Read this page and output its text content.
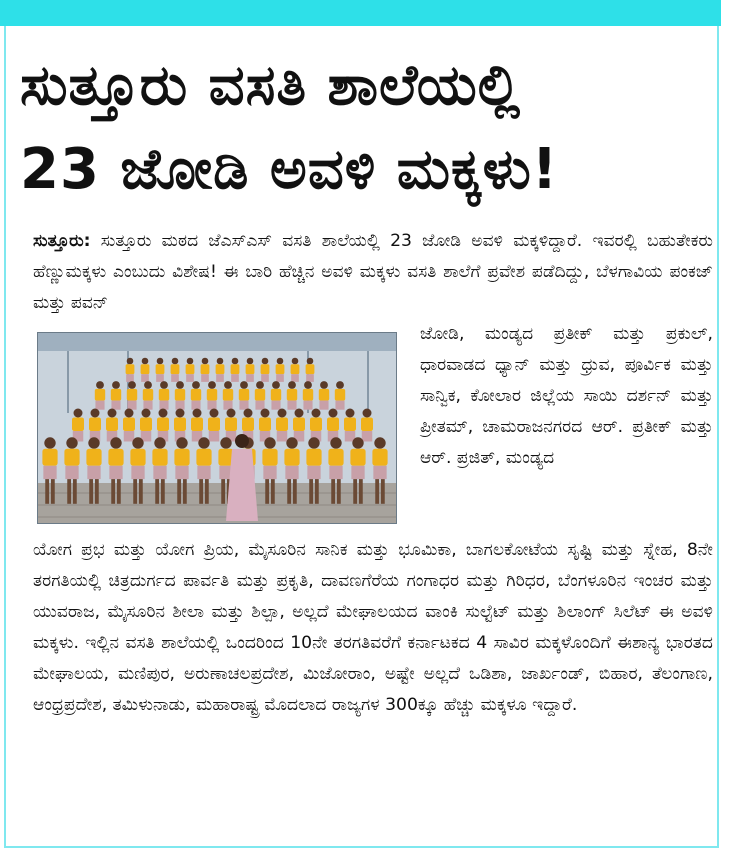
ಸುತ್ತೂರು ವಸತಿ ಶಾಲೆಯಲ್ಲಿ
23 ಜೋಡಿ ಅವಳಿ ಮಕ್ಕಳು!

ಸುತ್ತೂರು: ಸುತ್ತೂರು ಮಠದ ಜೆಎಸ್‌ಎಸ್ ವಸತಿ ಶಾಲೆಯಲ್ಲಿ 23 ಜೋಡಿ ಅವಳಿ ಮಕ್ಕಳಿದ್ದಾರೆ. ಇವರಲ್ಲಿ ಬಹುತೇಕರು ಹೆಣ್ಣುಮಕ್ಕಳು ಎಂಬುದು ವಿಶೇಷ! ಈ ಬಾರಿ ಹೆಚ್ಚಿನ ಅವಳಿ ಮಕ್ಕಳು ವಸತಿ ಶಾಲೆಗೆ ಪ್ರವೇಶ ಪಡೆದಿದ್ದು, ಬೆಳಗಾವಿಯ ಪಂಕಜ್ ಮತ್ತು ಪವನ್

ಜೋಡಿ, ಮಂಡ್ಯದ ಪ್ರತೀಕ್ ಮತ್ತು ಪ್ರಕುಲ್, ಧಾರವಾಡದ ಧ್ಯಾನ್ ಮತ್ತು ಧ್ರುವ, ಪೂರ್ವಿಕ ಮತ್ತು ಸಾನ್ವಿಕ, ಕೋಲಾರ ಜಿಲ್ಲೆಯ ಸಾಯಿ ದರ್ಶನ್ ಮತ್ತು ಪ್ರೀತಮ್, ಚಾಮರಾಜನಗರದ ಆರ್. ಪ್ರತೀಕ್ ಮತ್ತು ಆರ್. ಪ್ರಜಿತ್, ಮಂಡ್ಯದ

ಯೋಗ ಪ್ರಭ ಮತ್ತು ಯೋಗ ಪ್ರಿಯ, ಮೈಸೂರಿನ ಸಾನಿಕ ಮತ್ತು ಭೂಮಿಕಾ, ಬಾಗಲಕೋಟೆಯ ಸೃಷ್ಟಿ ಮತ್ತು ಸ್ನೇಹ, 8ನೇ ತರಗತಿಯಲ್ಲಿ ಚಿತ್ರದುರ್ಗದ ಪಾರ್ವತಿ ಮತ್ತು ಪ್ರಕೃತಿ, ದಾವಣಗೆರೆಯ ಗಂಗಾಧರ ಮತ್ತು ಗಿರಿಧರ, ಬೆಂಗಳೂರಿನ ಇಂಚರ ಮತ್ತು ಯುವರಾಜ, ಮೈಸೂರಿನ ಶೀಲಾ ಮತ್ತು ಶಿಲ್ಪಾ, ಅಲ್ಲದೆ ಮೇಘಾಲಯದ ವಾಂಕಿ ಸುಲ್ಟೆಟ್ ಮತ್ತು ಶಿಲಾಂಗ್ ಸಿಲೆಟ್ ಈ ಅವಳಿ ಮಕ್ಕಳು. ಇಲ್ಲಿನ ವಸತಿ ಶಾಲೆಯಲ್ಲಿ ಒಂದರಿಂದ 10ನೇ ತರಗತಿವರೆಗೆ ಕರ್ನಾಟಕದ 4 ಸಾವಿರ ಮಕ್ಕಳೊಂದಿಗೆ ಈಶಾನ್ಯ ಭಾರತದ ಮೇಘಾಲಯ, ಮಣಿಪುರ, ಅರುಣಾಚಲಪ್ರದೇಶ, ಮಿಜೋರಾಂ, ಅಷ್ಟೇ ಅಲ್ಲದೆ ಒಡಿಶಾ, ಜಾರ್ಖಂಡ್, ಬಿಹಾರ, ತೆಲಂಗಾಣ, ಆಂಧ್ರಪ್ರದೇಶ, ತಮಿಳುನಾಡು, ಮಹಾರಾಷ್ಟ್ರ ಮೊದಲಾದ ರಾಜ್ಯಗಳ 300ಕ್ಕೂ ಹೆಚ್ಚು ಮಕ್ಕಳೂ ಇದ್ದಾರೆ.
